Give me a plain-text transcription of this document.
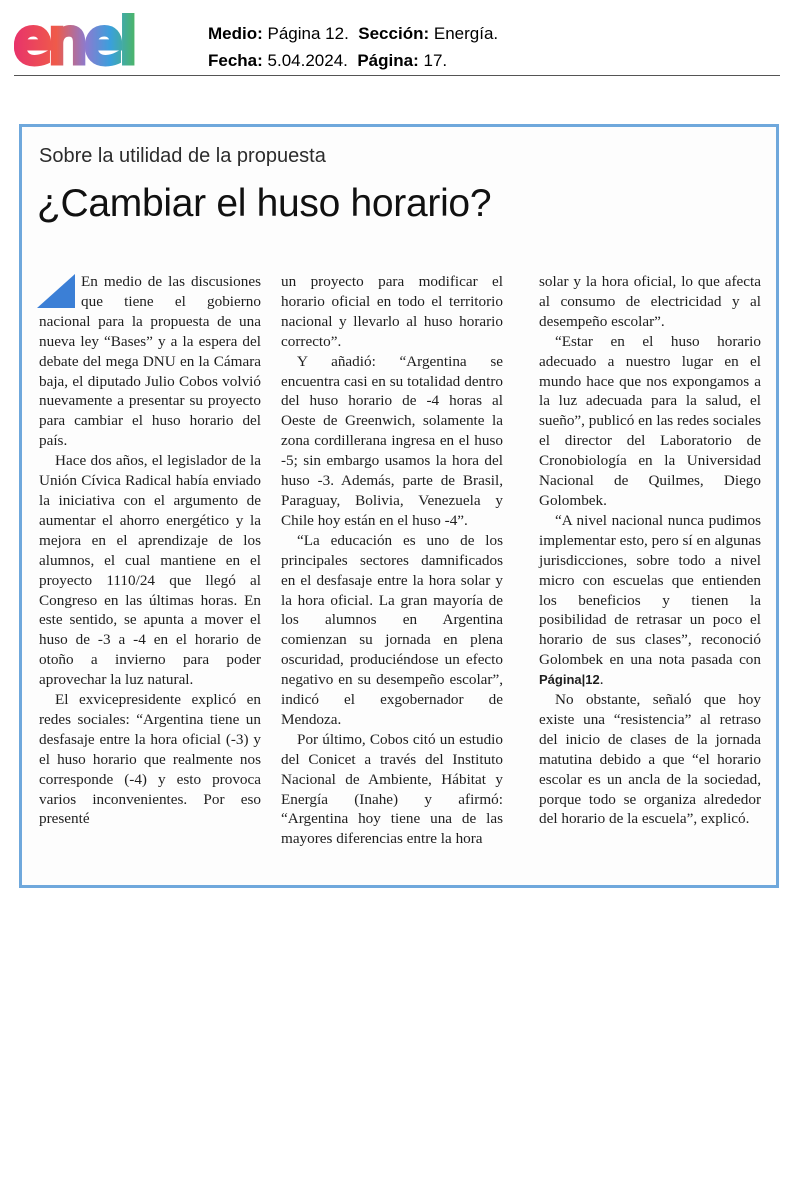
enel	Medio: Página 12. Sección: Energía.
Fecha: 5.04.2024. Página: 17.
Sobre la utilidad de la propuesta
¿Cambiar el huso horario?

En medio de las discusiones que tiene el gobierno nacional para la propuesta de una nueva ley “Bases” y a la espera del debate del mega DNU en la Cámara baja, el diputado Julio Cobos volvió nuevamente a presentar su proyecto para cambiar el huso horario del país.

Hace dos años, el legislador de la Unión Cívica Radical había enviado la iniciativa con el argumento de aumentar el ahorro energético y la mejora en el aprendizaje de los alumnos, el cual mantiene en el proyecto 1110/24 que llegó al Congreso en las últimas horas. En este sentido, se apunta a mover el huso de -3 a -4 en el horario de otoño a invierno para poder aprovechar la luz natural.

El exvicepresidente explicó en redes sociales: “Argentina tiene un desfasaje entre la hora oficial (-3) y el huso horario que realmente nos corresponde (-4) y esto provoca varios inconvenientes. Por eso presenté

un proyecto para modificar el horario oficial en todo el territorio nacional y llevarlo al huso horario correcto”.

Y añadió: “Argentina se encuentra casi en su totalidad dentro del huso horario de -4 horas al Oeste de Greenwich, solamente la zona cordillerana ingresa en el huso -5; sin embargo usamos la hora del huso -3. Además, parte de Brasil, Paraguay, Bolivia, Venezuela y Chile hoy están en el huso -4”.

“La educación es uno de los principales sectores damnificados en el desfasaje entre la hora solar y la hora oficial. La gran mayoría de los alumnos en Argentina comienzan su jornada en plena oscuridad, produciéndose un efecto negativo en su desempeño escolar”, indicó el exgobernador de Mendoza.

Por último, Cobos citó un estudio del Conicet a través del Instituto Nacional de Ambiente, Hábitat y Energía (Inahe) y afirmó: “Argentina hoy tiene una de las mayores diferencias entre la hora

solar y la hora oficial, lo que afecta al consumo de electricidad y al desempeño escolar”.

“Estar en el huso horario adecuado a nuestro lugar en el mundo hace que nos expongamos a la luz adecuada para la salud, el sueño”, publicó en las redes sociales el director del Laboratorio de Cronobiología en la Universidad Nacional de Quilmes, Diego Golombek.

“A nivel nacional nunca pudimos implementar esto, pero sí en algunas jurisdicciones, sobre todo a nivel micro con escuelas que entienden los beneficios y tienen la posibilidad de retrasar un poco el horario de sus clases”, reconoció Golombek en una nota pasada con Página|12.

No obstante, señaló que hoy existe una “resistencia” al retraso del inicio de clases de la jornada matutina debido a que “el horario escolar es un ancla de la sociedad, porque todo se organiza alrededor del horario de la escuela”, explicó.
